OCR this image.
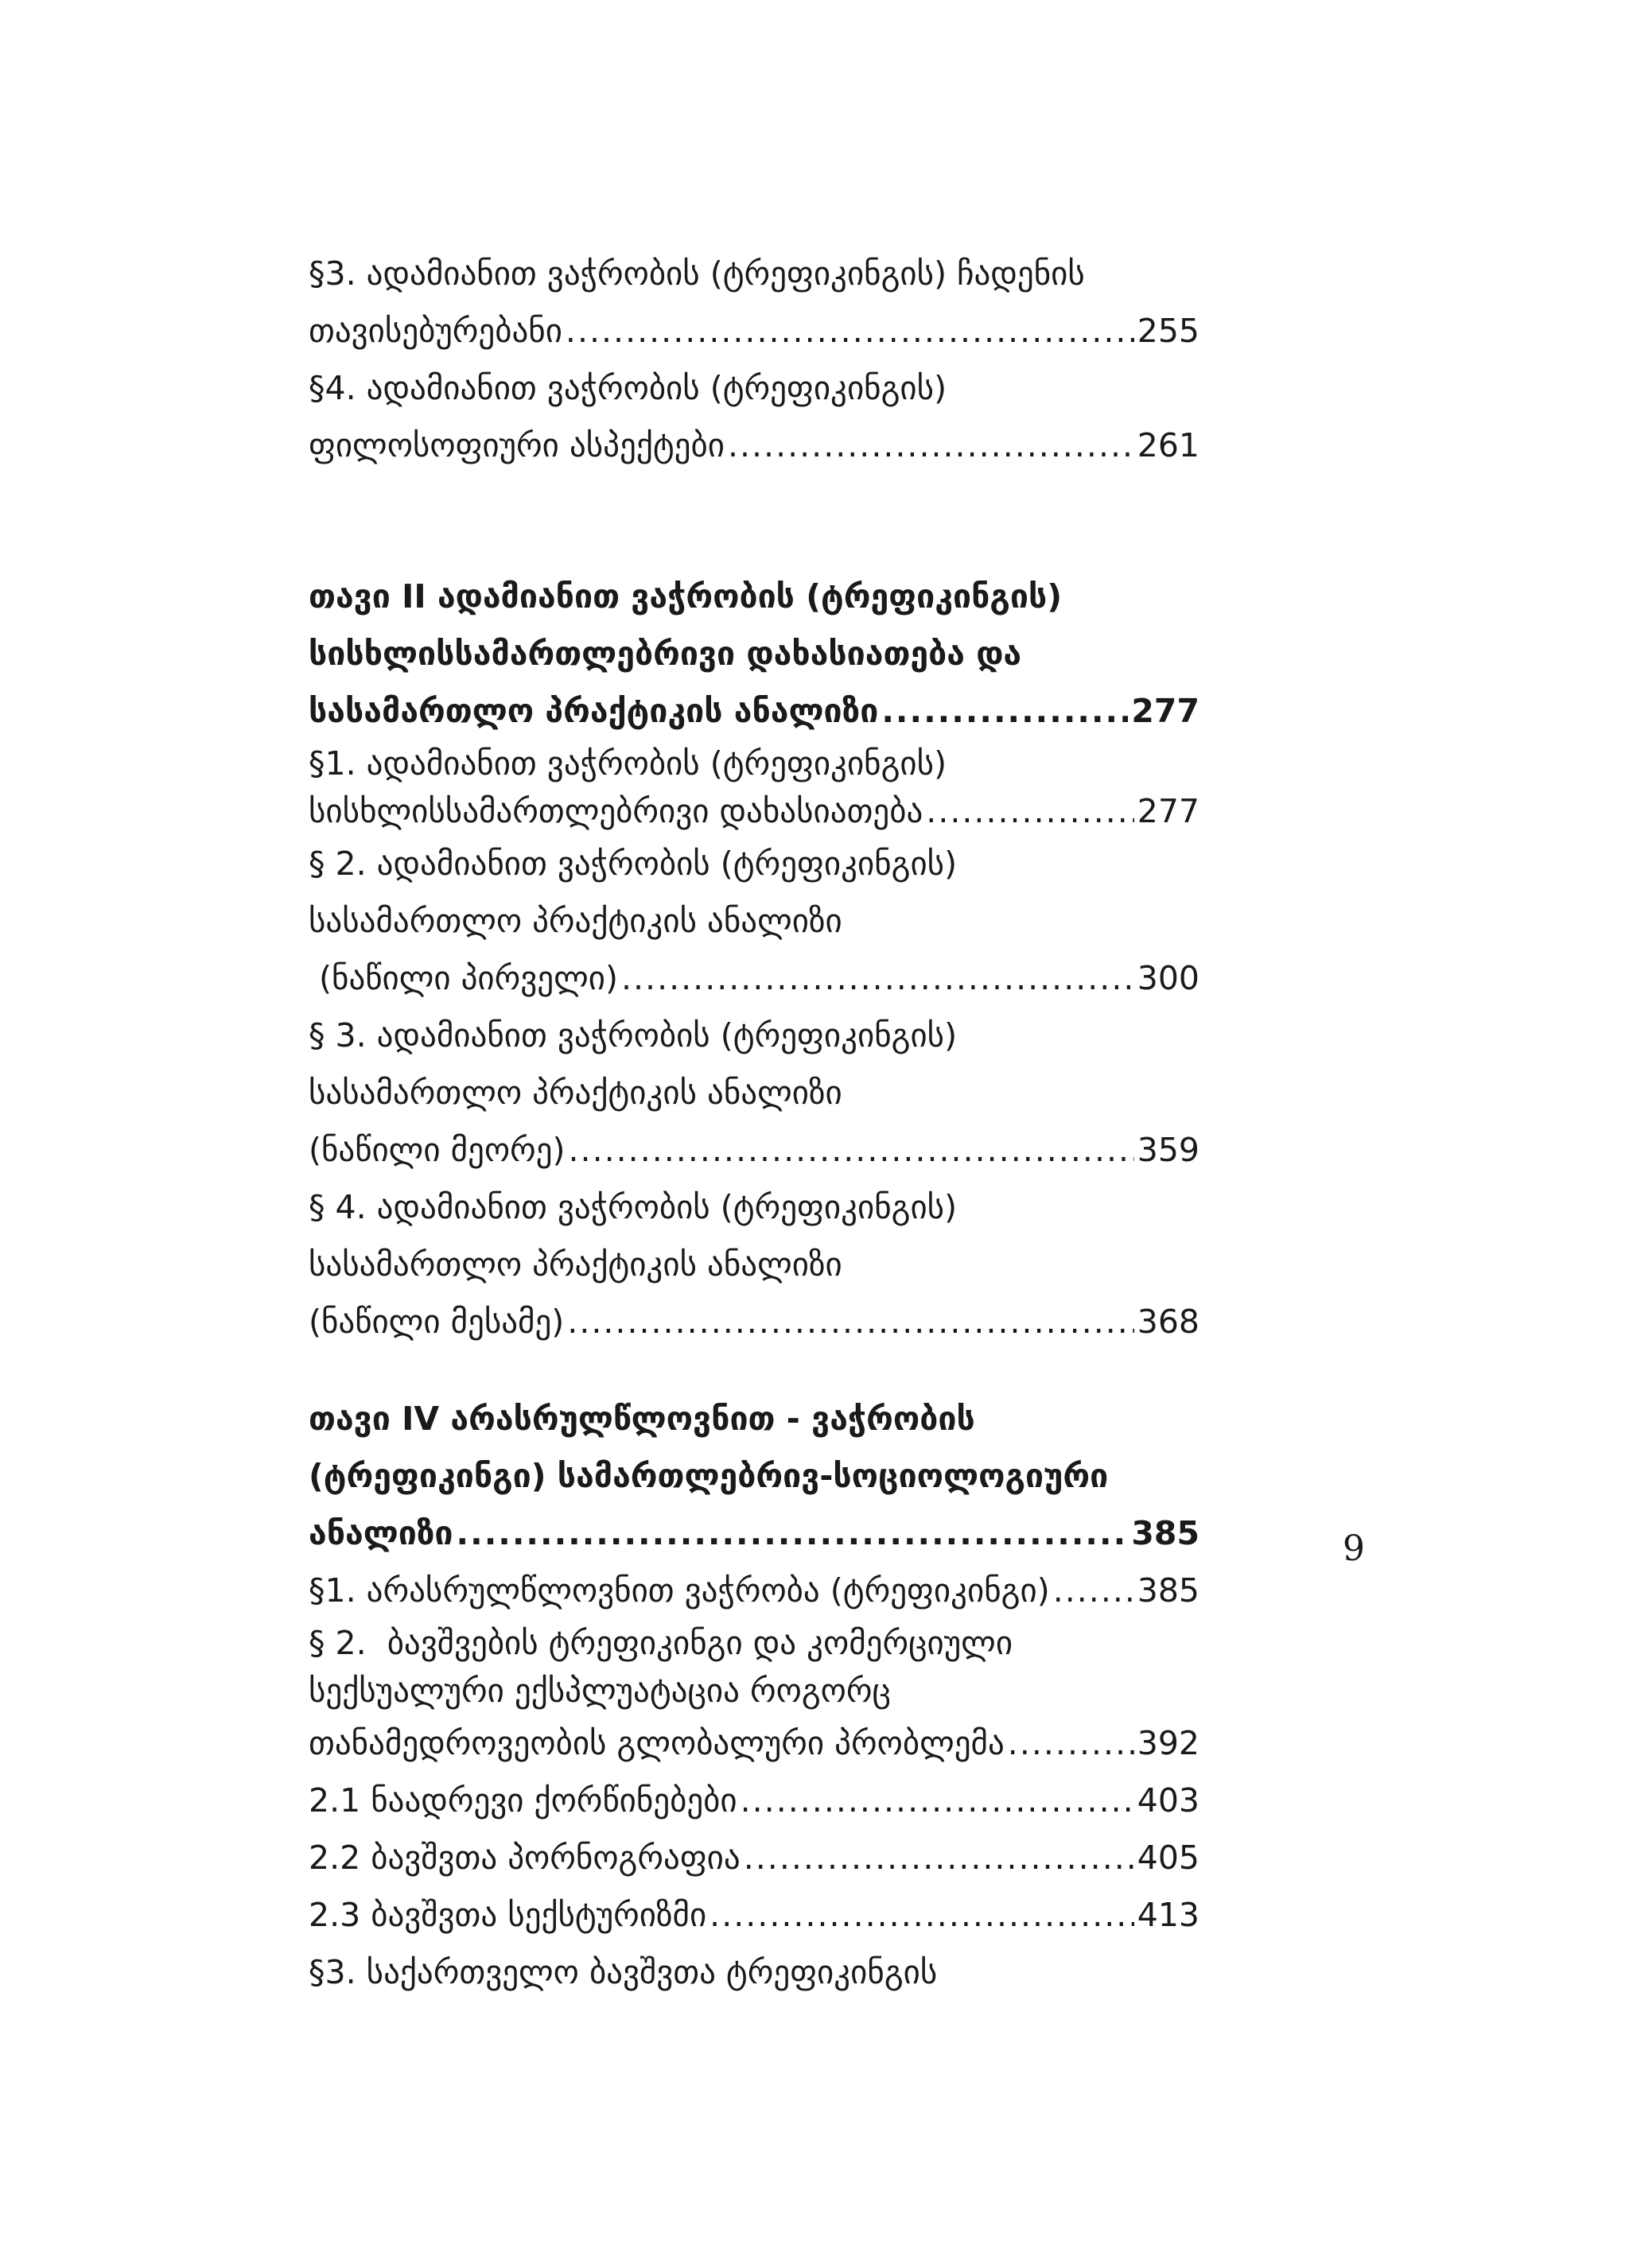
§3. ადამიანით ვაჭრობის (ტრეფიკინგის) ჩადენის
თავისებურებანი .....	255
§4. ადამიანით ვაჭრობის (ტრეფიკინგის)
ფილოსოფიური ასპექტები .....	261
თავი II ადამიანით ვაჭრობის (ტრეფიკინგის)
სისხლისსამართლებრივი დახასიათება და
სასამართლო პრაქტიკის ანალიზი .....	277
§1. ადამიანით ვაჭრობის (ტრეფიკინგის)
სისხლისსამართლებრივი დახასიათება .....	277
§ 2. ადამიანით ვაჭრობის (ტრეფიკინგის)
სასამართლო პრაქტიკის ანალიზი
(ნაწილი პირველი) .....	300
§ 3. ადამიანით ვაჭრობის (ტრეფიკინგის)
სასამართლო პრაქტიკის ანალიზი
(ნაწილი მეორე) .....	359
§ 4. ადამიანით ვაჭრობის (ტრეფიკინგის)
სასამართლო პრაქტიკის ანალიზი
(ნაწილი მესამე) .....	368
თავი IV არასრულწლოვნით - ვაჭრობის
(ტრეფიკინგი) სამართლებრივ-სოციოლოგიური
ანალიზი .....	385
§1. არასრულწლოვნით ვაჭრობა (ტრეფიკინგი) .....	385
§ 2.  ბავშვების ტრეფიკინგი და კომერციული
სექსუალური ექსპლუატაცია როგორც
თანამედროვეობის გლობალური პრობლემა .....	392
2.1 ნაადრევი ქორწინებები .....	403
2.2 ბავშვთა პორნოგრაფია .....	405
2.3 ბავშვთა სექსტურიზმი .....	413
§3. საქართველო ბავშვთა ტრეფიკინგის
9
